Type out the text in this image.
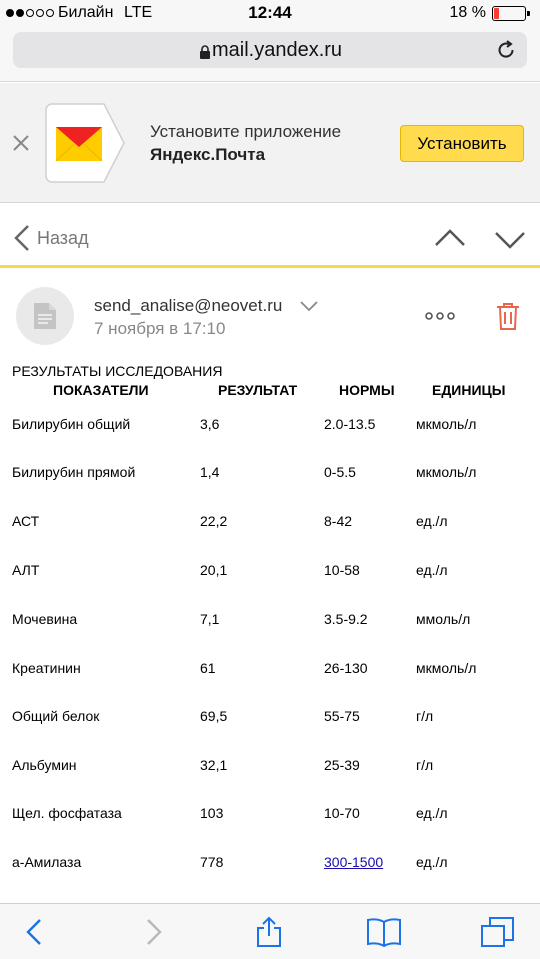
Билайн LTE	12:44	18 %
mail.yandex.ru
Установите приложение
Яндекс.Почта
Установить
Назад
send_analise@neovet.ru
7 ноября в 17:10
РЕЗУЛЬТАТЫ ИССЛЕДОВАНИЯ
ПОКАЗАТЕЛИ	РЕЗУЛЬТАТ	НОРМЫ	ЕДИНИЦЫ
Билирубин общий	3,6	2.0-13.5	мкмоль/л
Билирубин прямой	1,4	0-5.5	мкмоль/л
АСТ	22,2	8-42	ед./л
АЛТ	20,1	10-58	ед./л
Мочевина	7,1	3.5-9.2	ммоль/л
Креатинин	61	26-130	мкмоль/л
Общий белок	69,5	55-75	г/л
Альбумин	32,1	25-39	г/л
Щел. фосфатаза	103	10-70	ед./л
а-Амилаза	778	300-1500 ед./л
